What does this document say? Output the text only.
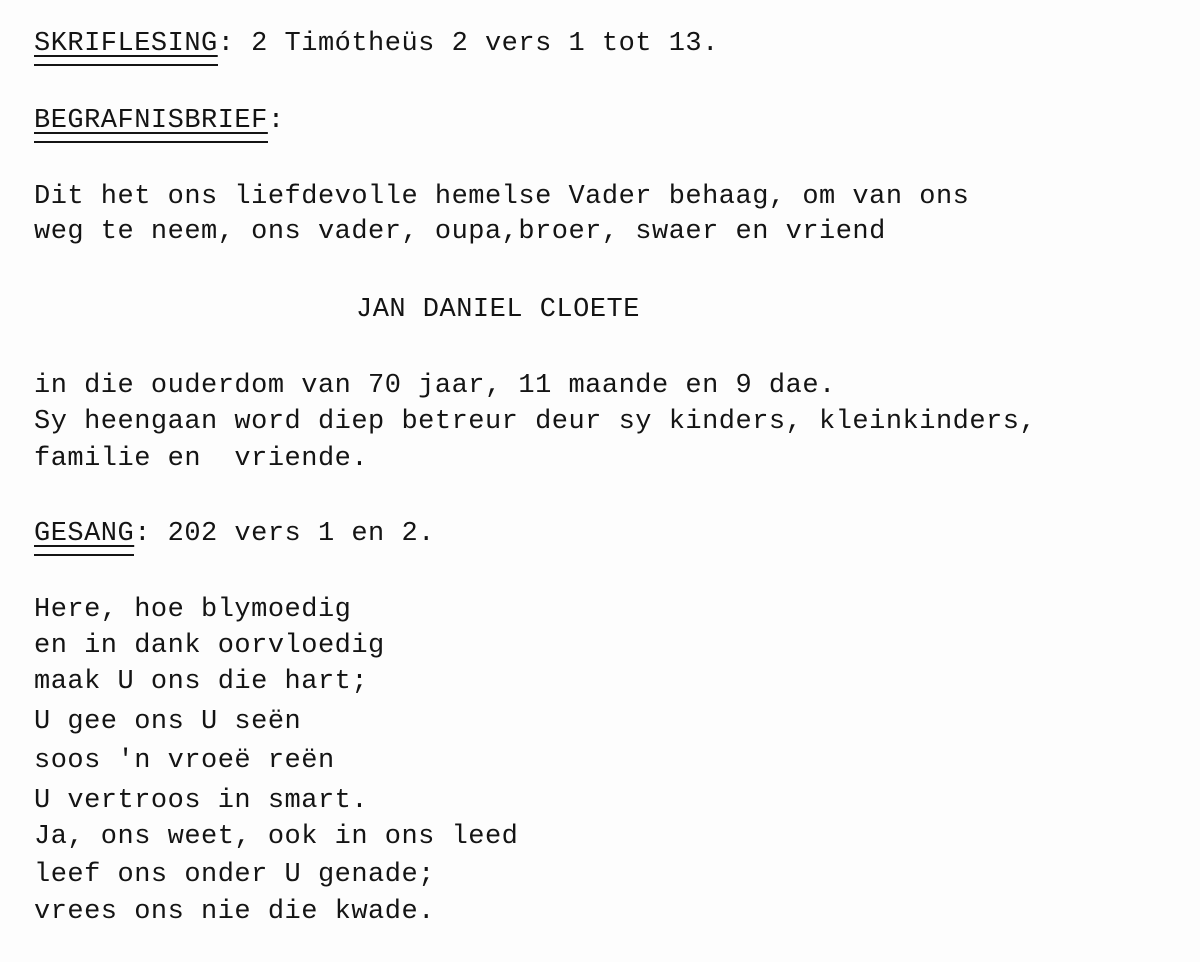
SKRIFLESING: 2 Timótheüs 2 vers 1 tot 13.
BEGRAFNISBRIEF:
Dit het ons liefdevolle hemelse Vader behaag, om van ons
weg te neem, ons vader, oupa,broer, swaer en vriend
JAN DANIEL CLOETE
in die ouderdom van 70 jaar, 11 maande en 9 dae.
Sy heengaan word diep betreur deur sy kinders, kleinkinders,
familie en  vriende.
GESANG: 202 vers 1 en 2.
Here, hoe blymoedig
en in dank oorvloedig
maak U ons die hart;
U gee ons U seën
soos 'n vroeë reën
U vertroos in smart.
Ja, ons weet, ook in ons leed
leef ons onder U genade;
vrees ons nie die kwade.
